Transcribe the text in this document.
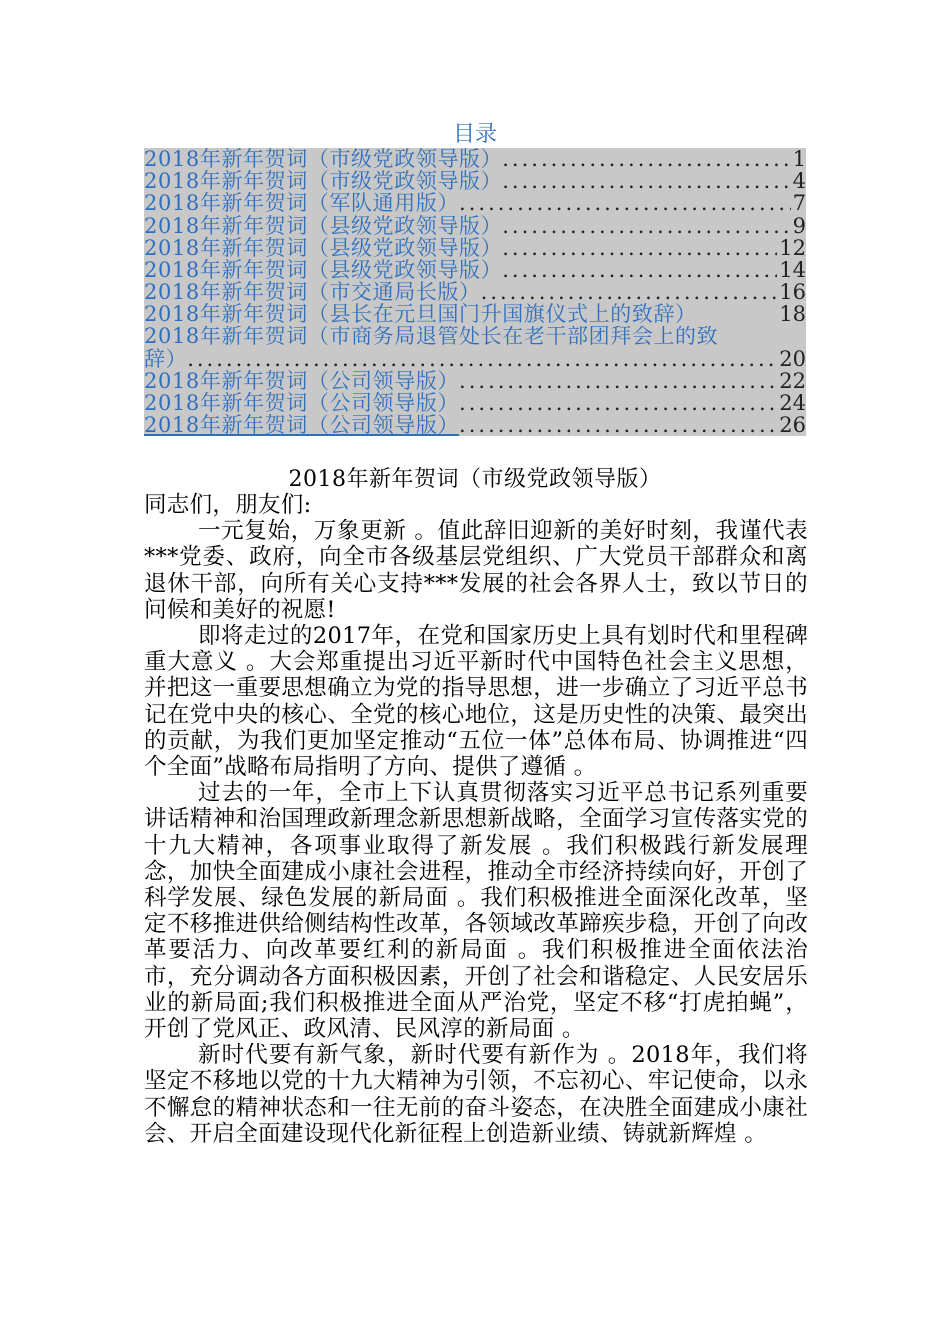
目录
2018年新年贺词（市级党政领导版） .....	1
2018年新年贺词（市级党政领导版） .....	4
2018年新年贺词（军队通用版） .....	7
2018年新年贺词（县级党政领导版） .....	9
2018年新年贺词（县级党政领导版） .....	12
2018年新年贺词（县级党政领导版） .....	14
2018年新年贺词（市交通局长版） .....	16
2018年新年贺词（县长在元旦国门升国旗仪式上的致辞）	18
2018年新年贺词（市商务局退管处长在老干部团拜会上的致
辞） .....	20
2018年新年贺词（公司领导版） .....	22
2018年新年贺词（公司领导版） .....	24
2018年新年贺词（公司领导版） .....	26
2018年新年贺词（市级党政领导版）

同志们，朋友们:

一元复始，万象更新 。值此辞旧迎新的美好时刻，我谨代表***党委、政府，向全市各级基层党组织、广大党员干部群众和离退休干部，向所有关心支持***发展的社会各界人士，致以节日的问候和美好的祝愿!

即将走过的2017年，在党和国家历史上具有划时代和里程碑重大意义 。大会郑重提出习近平新时代中国特色社会主义思想，并把这一重要思想确立为党的指导思想，进一步确立了习近平总书记在党中央的核心、全党的核心地位，这是历史性的决策、最突出的贡献，为我们更加坚定推动“五位一体”总体布局、协调推进“四个全面”战略布局指明了方向、提供了遵循 。

过去的一年，全市上下认真贯彻落实习近平总书记系列重要讲话精神和治国理政新理念新思想新战略，全面学习宣传落实党的十九大精神，各项事业取得了新发展 。我们积极践行新发展理念，加快全面建成小康社会进程，推动全市经济持续向好，开创了科学发展、绿色发展的新局面 。我们积极推进全面深化改革，坚定不移推进供给侧结构性改革，各领域改革蹄疾步稳，开创了向改革要活力、向改革要红利的新局面 。我们积极推进全面依法治市，充分调动各方面积极因素，开创了社会和谐稳定、人民安居乐业的新局面;我们积极推进全面从严治党，坚定不移“打虎拍蝇”，开创了党风正、政风清、民风淳的新局面 。

新时代要有新气象，新时代要有新作为 。2018年，我们将坚定不移地以党的十九大精神为引领，不忘初心、牢记使命，以永不懈怠的精神状态和一往无前的奋斗姿态，在决胜全面建成小康社会、开启全面建设现代化新征程上创造新业绩、铸就新辉煌 。
